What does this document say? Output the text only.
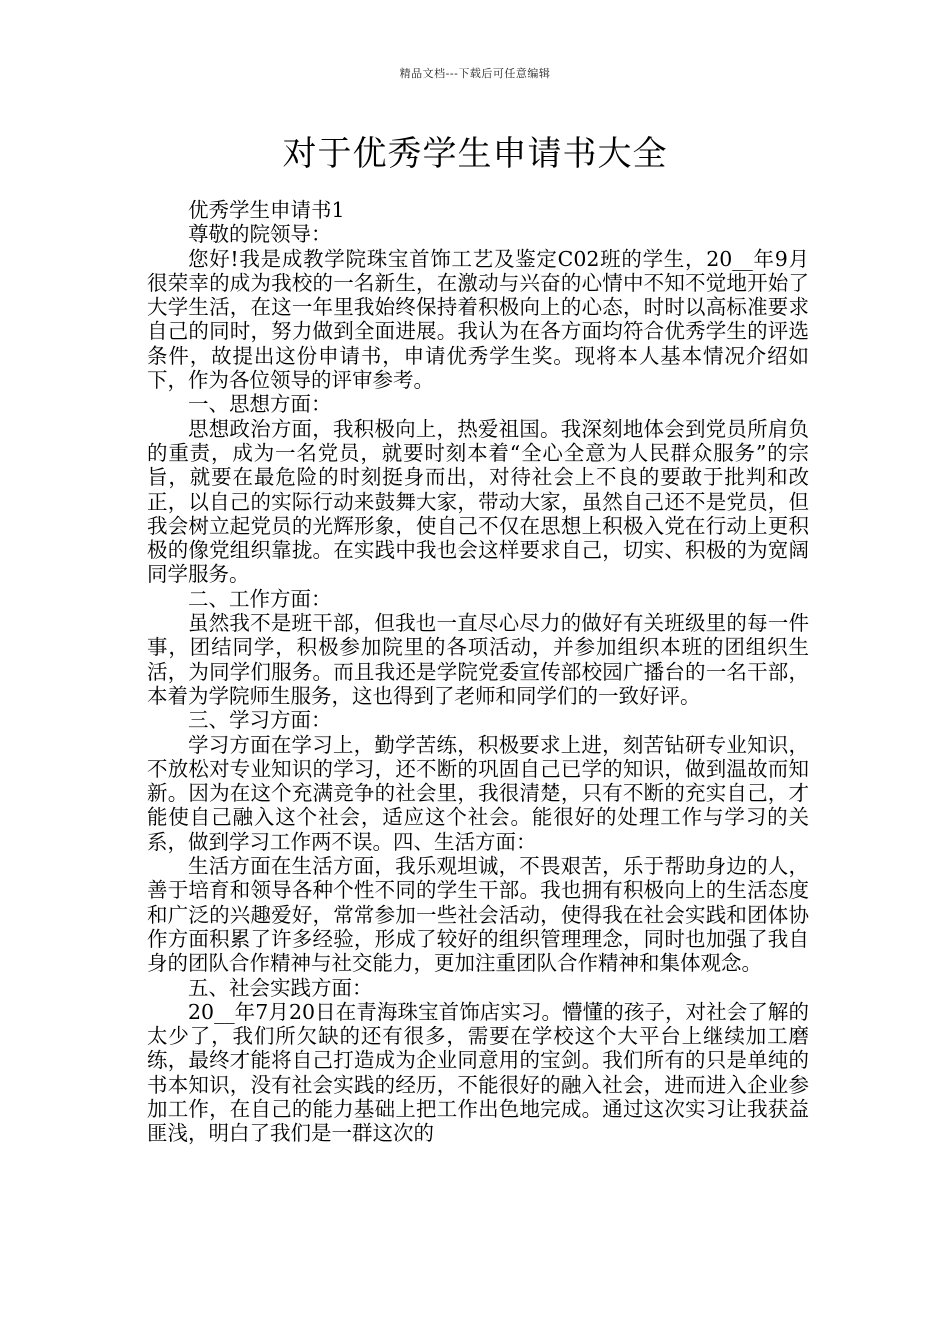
精品文档---下载后可任意编辑
对于优秀学生申请书大全

优秀学生申请书1

尊敬的院领导：

您好!我是成教学院珠宝首饰工艺及鉴定C02班的学生，20__年9月很荣幸的成为我校的一名新生，在激动与兴奋的心情中不知不觉地开始了大学生活，在这一年里我始终保持着积极向上的心态，时时以高标准要求自己的同时，努力做到全面进展。我认为在各方面均符合优秀学生的评选条件，故提出这份申请书，申请优秀学生奖。现将本人基本情况介绍如下，作为各位领导的评审参考。

一、思想方面：

思想政治方面，我积极向上，热爱祖国。我深刻地体会到党员所肩负的重责，成为一名党员，就要时刻本着“全心全意为人民群众服务”的宗旨，就要在最危险的时刻挺身而出，对待社会上不良的要敢于批判和改正，以自己的实际行动来鼓舞大家，带动大家，虽然自己还不是党员，但我会树立起党员的光辉形象，使自己不仅在思想上积极入党在行动上更积极的像党组织靠拢。在实践中我也会这样要求自己，切实、积极的为宽阔同学服务。

二、工作方面：

虽然我不是班干部，但我也一直尽心尽力的做好有关班级里的每一件事，团结同学，积极参加院里的各项活动，并参加组织本班的团组织生活，为同学们服务。而且我还是学院党委宣传部校园广播台的一名干部，本着为学院师生服务，这也得到了老师和同学们的一致好评。

三、学习方面：

学习方面在学习上，勤学苦练，积极要求上进，刻苦钻研专业知识，不放松对专业知识的学习，还不断的巩固自己已学的知识，做到温故而知新。因为在这个充满竞争的社会里，我很清楚，只有不断的充实自己，才能使自己融入这个社会，适应这个社会。能很好的处理工作与学习的关系，做到学习工作两不误。四、生活方面：

生活方面在生活方面，我乐观坦诚，不畏艰苦，乐于帮助身边的人，善于培育和领导各种个性不同的学生干部。我也拥有积极向上的生活态度和广泛的兴趣爱好，常常参加一些社会活动，使得我在社会实践和团体协作方面积累了许多经验，形成了较好的组织管理理念，同时也加强了我自身的团队合作精神与社交能力，更加注重团队合作精神和集体观念。

五、社会实践方面：

20__年7月20日在青海珠宝首饰店实习。懵懂的孩子，对社会了解的太少了，我们所欠缺的还有很多，需要在学校这个大平台上继续加工磨练，最终才能将自己打造成为企业同意用的宝剑。我们所有的只是单纯的书本知识，没有社会实践的经历，不能很好的融入社会，进而进入企业参加工作，在自己的能力基础上把工作出色地完成。通过这次实习让我获益匪浅，明白了我们是一群这次的
